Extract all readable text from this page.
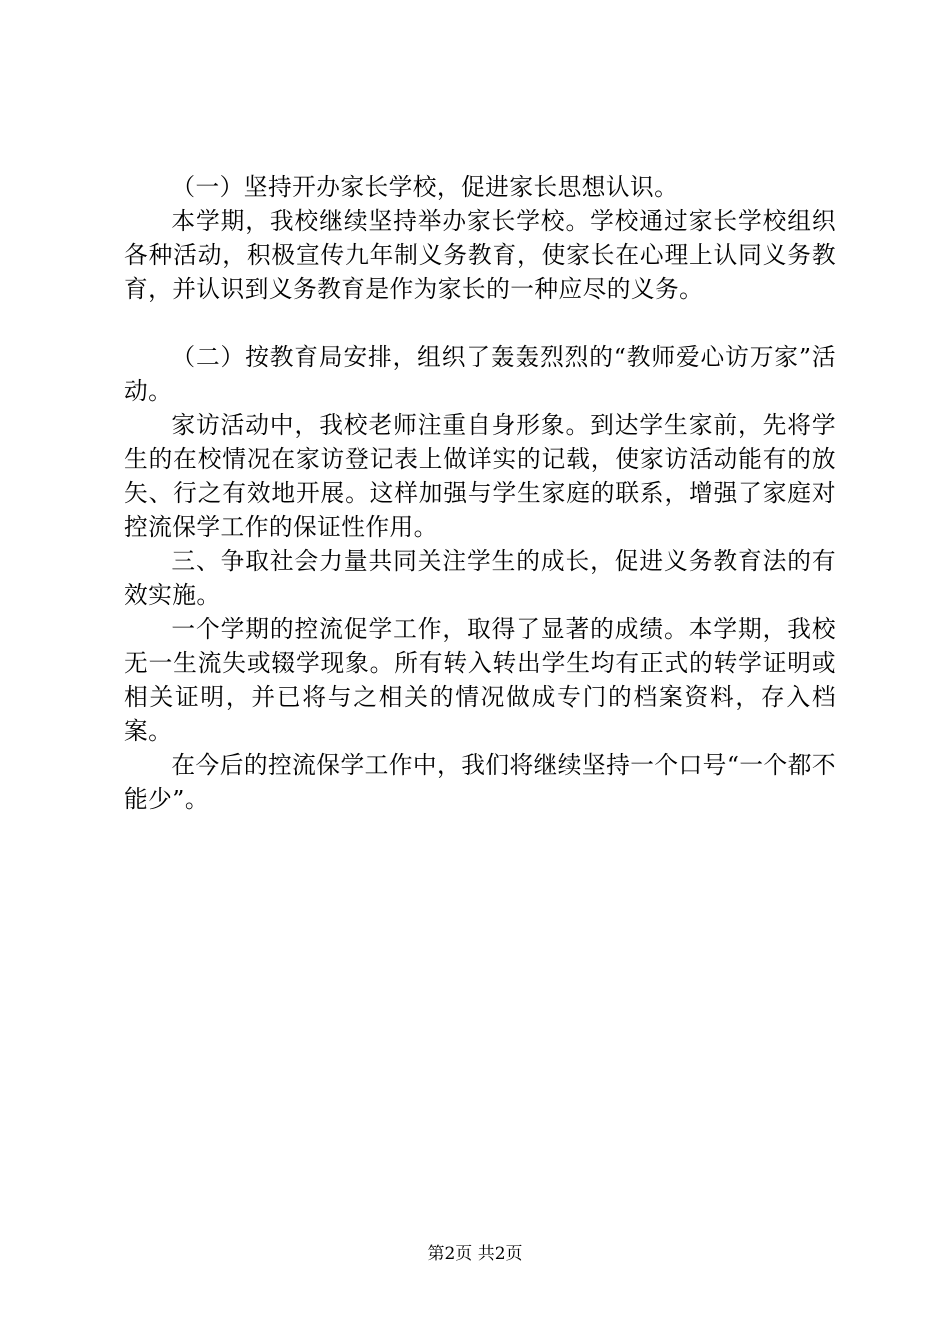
（一）坚持开办家长学校，促进家长思想认识。

本学期，我校继续坚持举办家长学校。学校通过家长学校组织各种活动，积极宣传九年制义务教育，使家长在心理上认同义务教育，并认识到义务教育是作为家长的一种应尽的义务。

（二）按教育局安排，组织了轰轰烈烈的“教师爱心访万家”活动。

家访活动中，我校老师注重自身形象。到达学生家前，先将学生的在校情况在家访登记表上做详实的记载，使家访活动能有的放矢、行之有效地开展。这样加强与学生家庭的联系，增强了家庭对控流保学工作的保证性作用。

三、争取社会力量共同关注学生的成长，促进义务教育法的有效实施。

一个学期的控流促学工作，取得了显著的成绩。本学期，我校无一生流失或辍学现象。所有转入转出学生均有正式的转学证明或相关证明，并已将与之相关的情况做成专门的档案资料，存入档案。

在今后的控流保学工作中，我们将继续坚持一个口号“一个都不能少”。

第2页 共2页
